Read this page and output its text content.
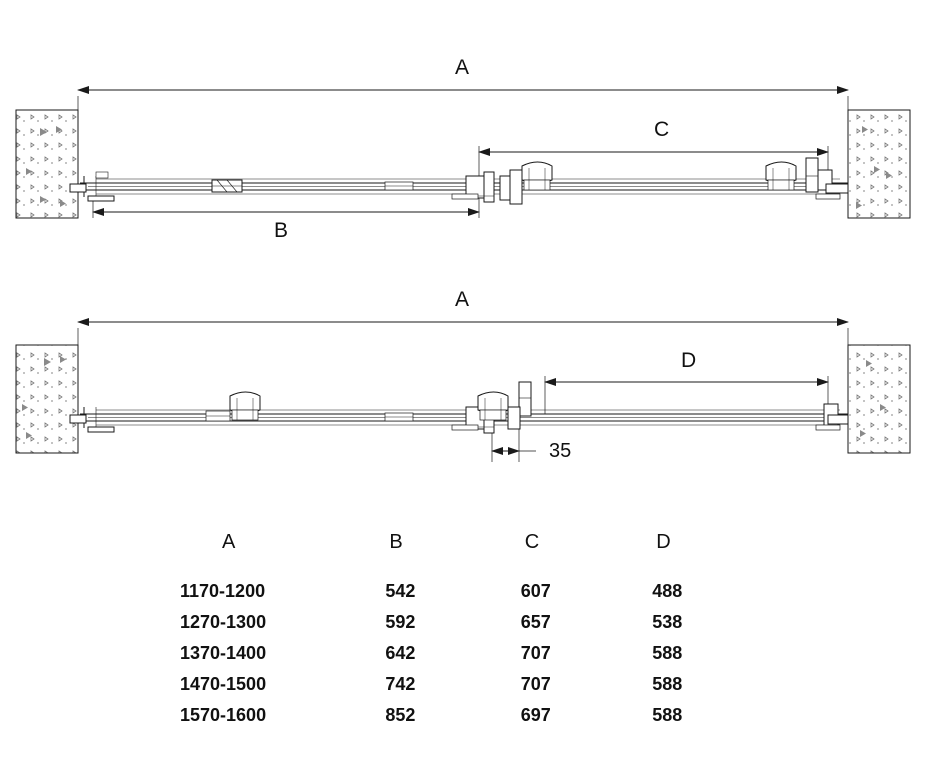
A
C
B
A
D
35
A	B	C	D
1170-1200	542	607	488
1270-1300	592	657	538
1370-1400	642	707	588
1470-1500	742	707	588
1570-1600	852	697	588
